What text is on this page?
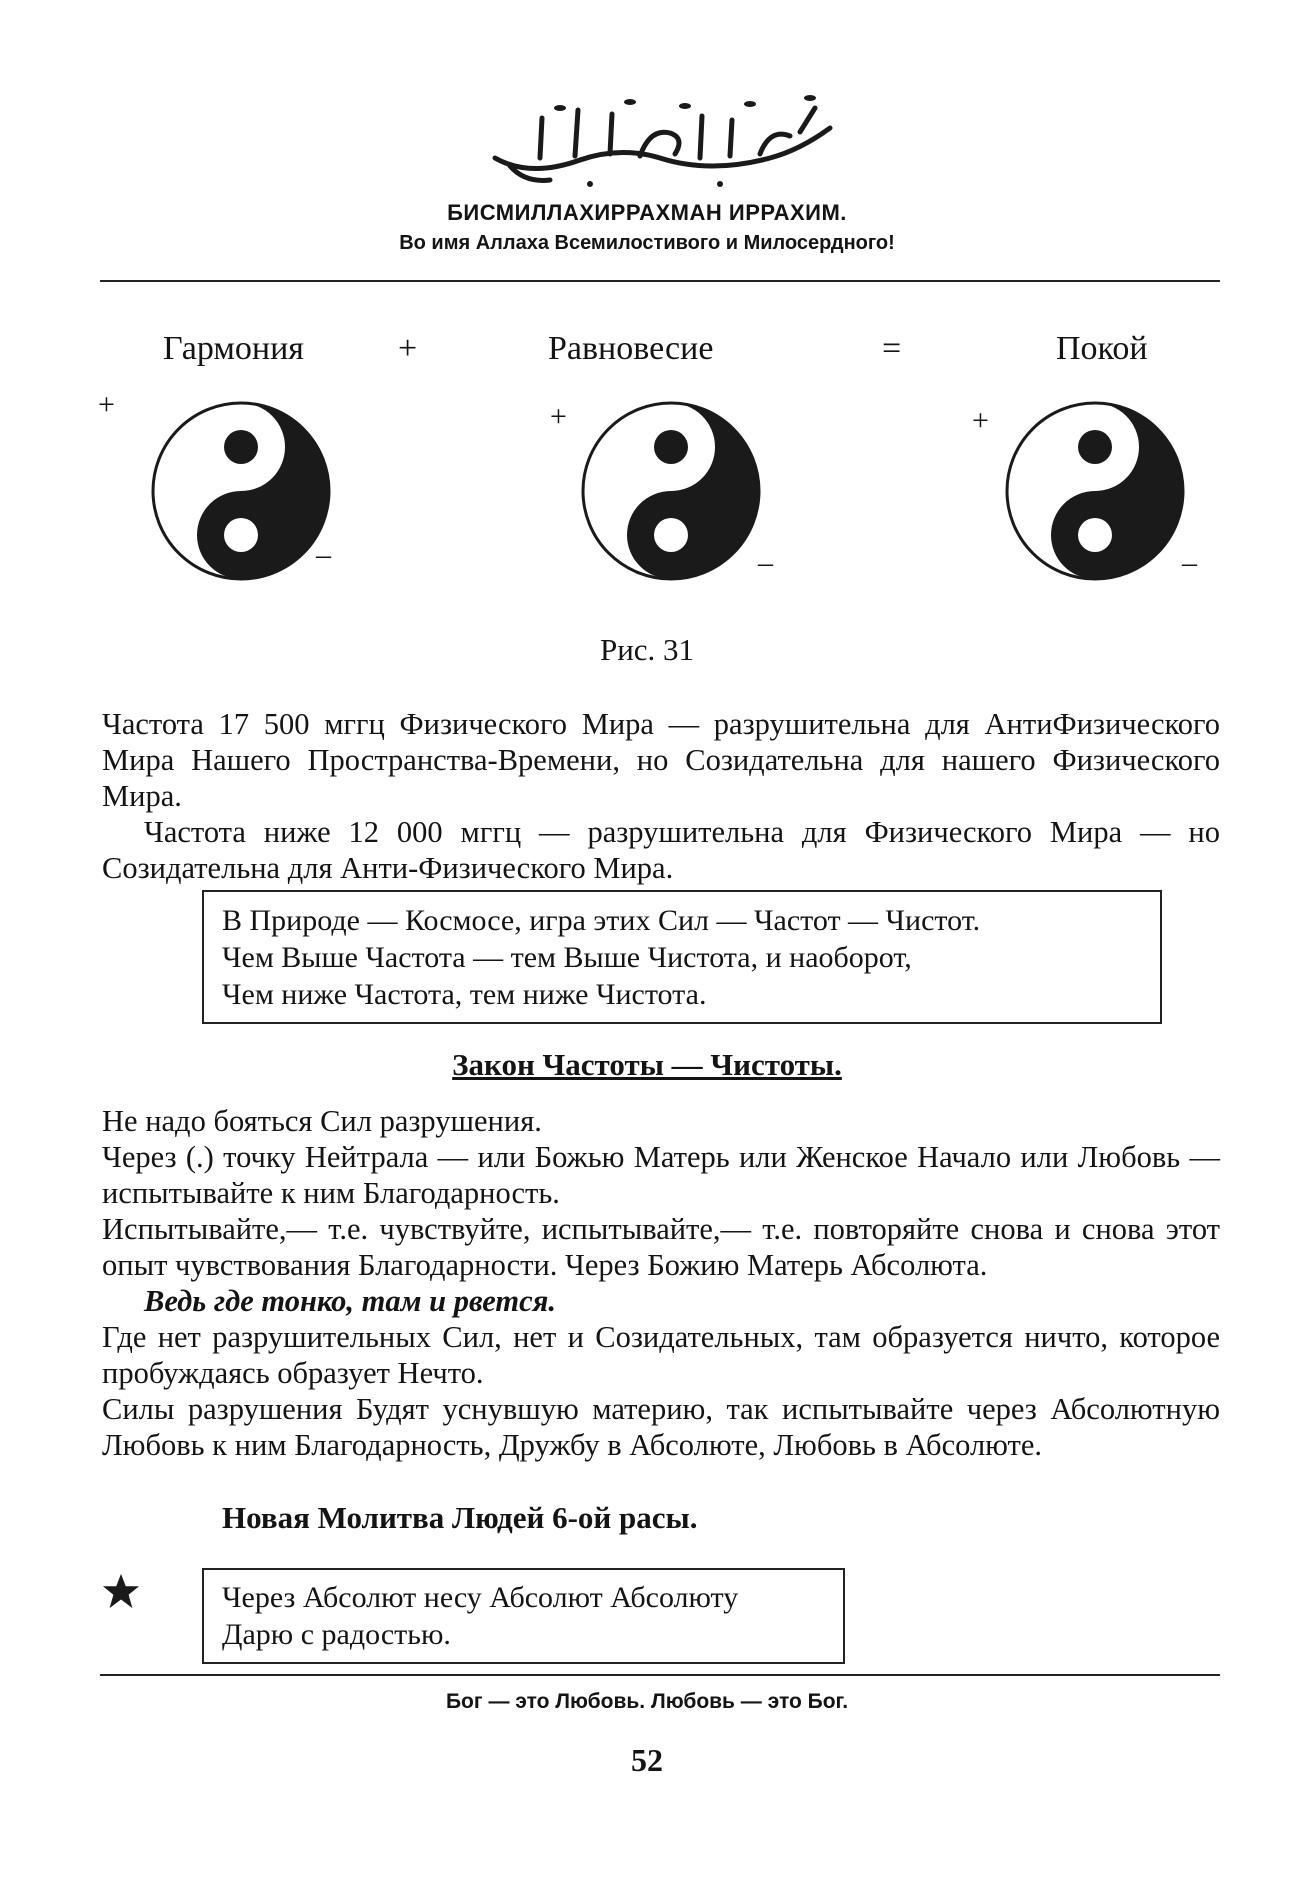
БИСМИЛЛАХИРРАХМАН ИРРАХИМ.
Во имя Аллаха Всемилостивого и Милосердного!
Гармония	+	Равновесие	=	Покой
+
–
+
–
+
–
Рис. 31

Частота 17 500 мггц Физического Мира — разрушительна для АнтиФизического Мира Нашего Пространства-Времени, но Созидательна для нашего Физического Мира.

Частота ниже 12 000 мггц — разрушительна для Физического Мира — но Созидательна для Анти-Физического Мира.

В Природе — Космосе, игра этих Сил — Частот — Чистот.
Чем Выше Частота — тем Выше Чистота, и наоборот,
Чем ниже Частота, тем ниже Чистота.
Закон Частоты — Чистоты.

Не надо бояться Сил разрушения.

Через (.) точку Нейтрала — или Божью Матерь или Женское Начало или Любовь — испытывайте к ним Благодарность.

Испытывайте,— т.е. чувствуйте, испытывайте,— т.е. повторяйте снова и снова этот опыт чувствования Благодарности. Через Божию Матерь Абсолюта.

Ведь где тонко, там и рвется.

Где нет разрушительных Сил, нет и Созидательных, там образуется ничто, которое пробуждаясь образует Нечто.

Силы разрушения Будят уснувшую материю, так испытывайте через Абсолютную Любовь к ним Благодарность, Дружбу в Абсолюте, Любовь в Абсолюте.

Новая Молитва Людей 6-ой расы.
Через Абсолют несу Абсолют Абсолюту
Дарю с радостью.
Бог — это Любовь. Любовь — это Бог.
52
